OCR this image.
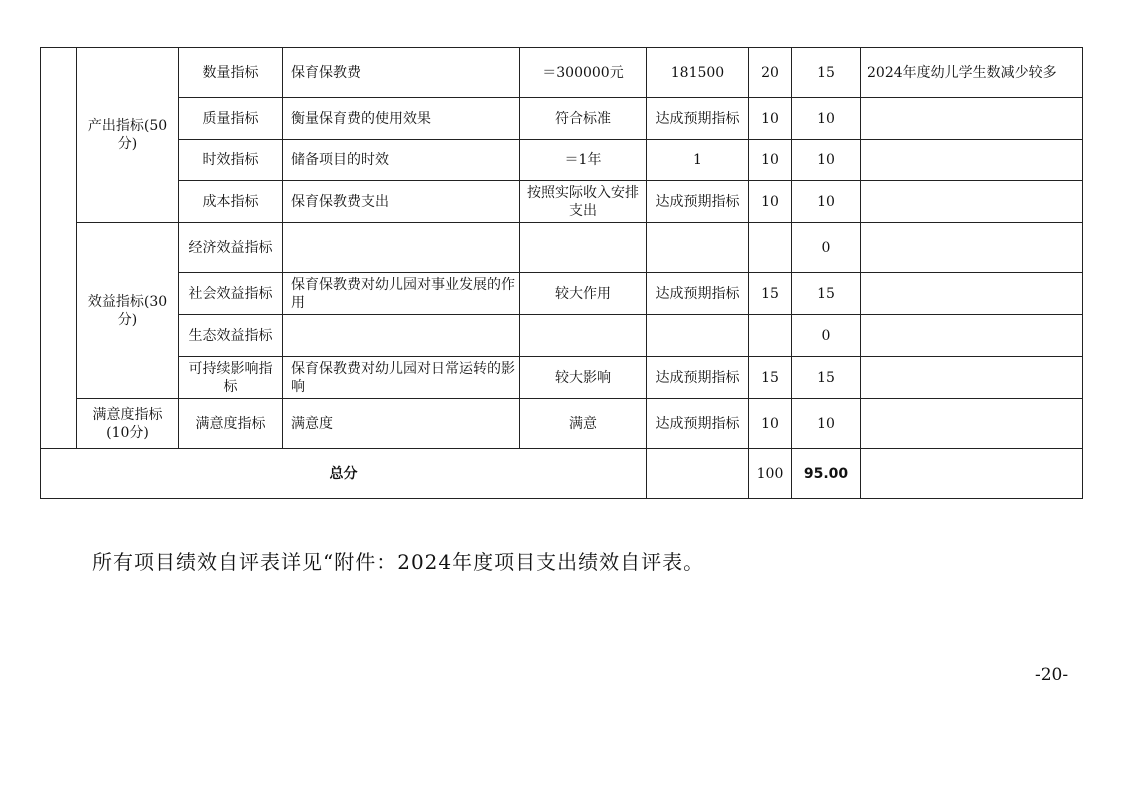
	产出指标(50分)	数量指标	保育保教费	＝300000元	181500	20	15	2024年度幼儿学生数减少较多
		质量指标	衡量保育费的使用效果	符合标准	达成预期指标	10	10	
		时效指标	储备项目的时效	＝1年	1	10	10	
		成本指标	保育保教费支出	按照实际收入安排支出	达成预期指标	10	10	
	效益指标(30分)	经济效益指标					0	
		社会效益指标	保育保教费对幼儿园对事业发展的作用	较大作用	达成预期指标	15	15	
		生态效益指标					0	
		可持续影响指标	保育保教费对幼儿园对日常运转的影响	较大影响	达成预期指标	15	15	
	满意度指标(10分)	满意度指标	满意度	满意	达成预期指标	10	10	
总分						100	95.00	
所有项目绩效自评表详见“附件：2024年度项目支出绩效自评表。
-20-
